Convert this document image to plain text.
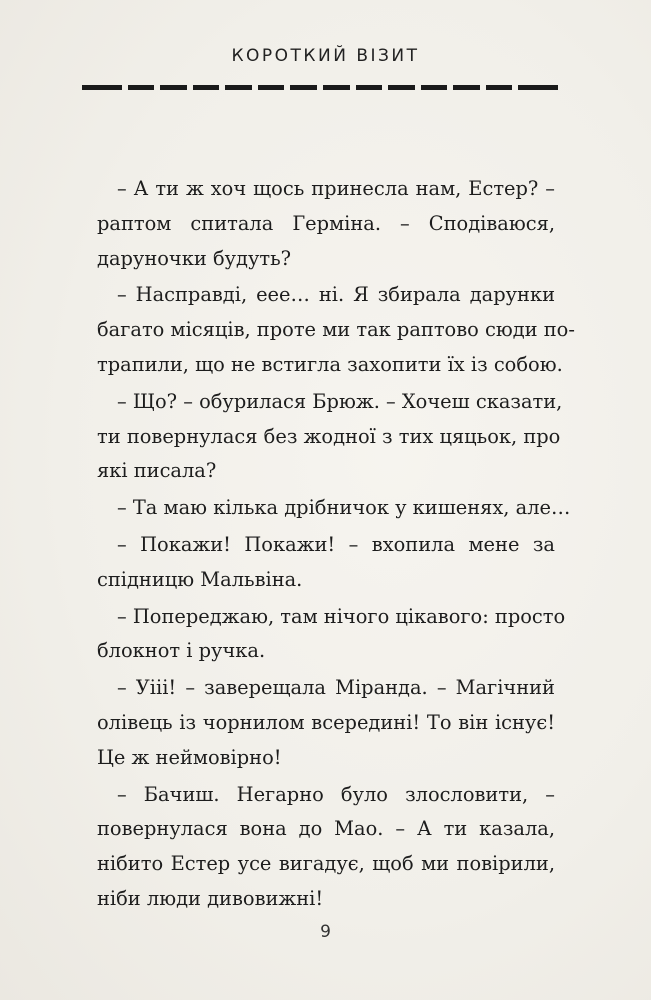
КОРОТКИЙ ВІЗИТ

– А ти ж хоч щось принесла нам, Естер? –
раптом спитала Герміна. – Сподіваюся,
даруночки будуть?

– Насправді, еее… ні. Я збирала дарунки
багато місяців, проте ми так раптово сюди по-
трапили, що не встигла захопити їх із собою.

– Що? – обурилася Брюж. – Хочеш сказати,
ти повернулася без жодної з тих цяцьок, про
які писала?

– Та маю кілька дрібничок у кишенях, але…

– Покажи! Покажи! – вхопила мене за
спідницю Мальвіна.

– Попереджаю, там нічого цікавого: просто
блокнот і ручка.

– Уііі! – заверещала Міранда. – Магічний
олівець із чорнилом всередині! То він існує!
Це ж неймовірно!

– Бачиш. Негарно було злословити, –
повернулася вона до Мао. – А ти казала,
нібито Естер усе вигадує, щоб ми повірили,
ніби люди дивовижні!

9
